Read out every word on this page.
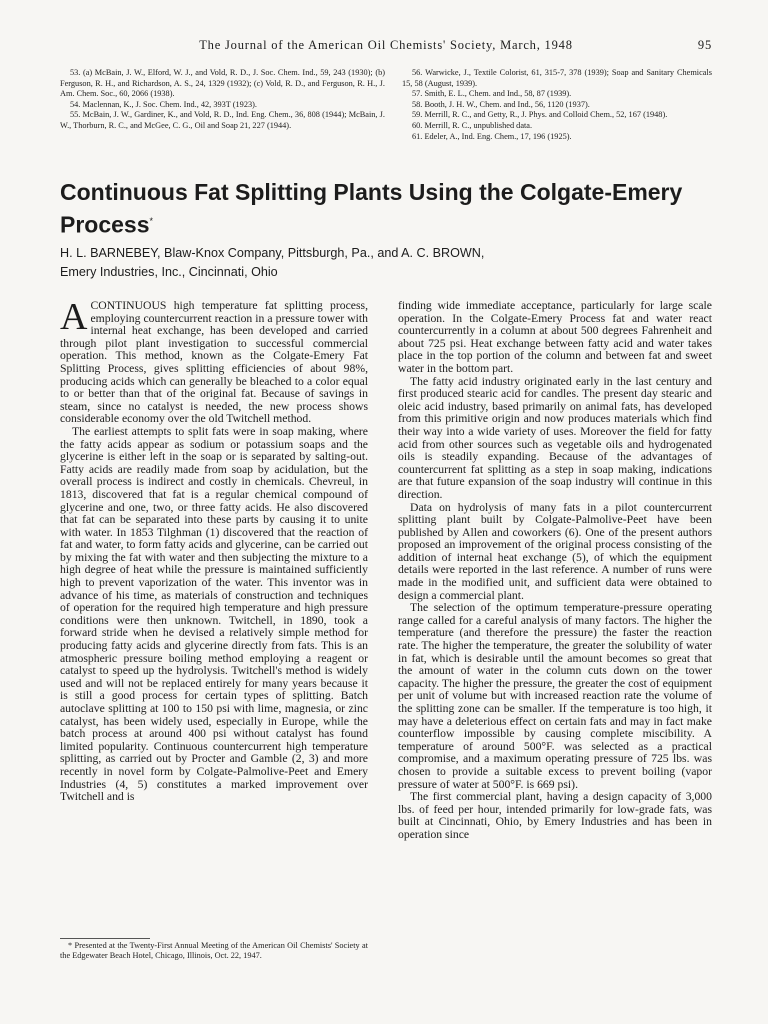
The Journal of the American Oil Chemists' Society, March, 1948	95
53. (a) McBain, J. W., Elford, W. J., and Vold, R. D., J. Soc. Chem. Ind., 59, 243 (1930); (b) Ferguson, R. H., and Richardson, A. S., 24, 1329 (1932); (c) Vold, R. D., and Ferguson, R. H., J. Am. Chem. Soc., 60, 2066 (1938).
54. Maclennan, K., J. Soc. Chem. Ind., 42, 393T (1923).
55. McBain, J. W., Gardiner, K., and Vold, R. D., Ind. Eng. Chem., 36, 808 (1944); McBain, J. W., Thorburn, R. C., and McGee, C. G., Oil and Soap 21, 227 (1944).
56. Warwicke, J., Textile Colorist, 61, 315-7, 378 (1939); Soap and Sanitary Chemicals 15, 58 (August, 1939).
57. Smith, E. L., Chem. and Ind., 58, 87 (1939).
58. Booth, J. H. W., Chem. and Ind., 56, 1120 (1937).
59. Merrill, R. C., and Getty, R., J. Phys. and Colloid Chem., 52, 167 (1948).
60. Merrill, R. C., unpublished data.
61. Edeler, A., Ind. Eng. Chem., 17, 196 (1925).
Continuous Fat Splitting Plants Using the Colgate-Emery Process*
H. L. BARNEBEY, Blaw-Knox Company, Pittsburgh, Pa., and A. C. BROWN,
Emery Industries, Inc., Cincinnati, Ohio

ACONTINUOUS high temperature fat splitting process, employing countercurrent reaction in a pressure tower with internal heat exchange, has been developed and carried through pilot plant investigation to successful commercial operation. This method, known as the Colgate-Emery Fat Splitting Process, gives splitting efficiencies of about 98%, producing acids which can generally be bleached to a color equal to or better than that of the original fat. Because of savings in steam, since no catalyst is needed, the new process shows considerable economy over the old Twitchell method.

The earliest attempts to split fats were in soap making, where the fatty acids appear as sodium or potassium soaps and the glycerine is either left in the soap or is separated by salting-out. Fatty acids are readily made from soap by acidulation, but the overall process is indirect and costly in chemicals. Chevreul, in 1813, discovered that fat is a regular chemical compound of glycerine and one, two, or three fatty acids. He also discovered that fat can be separated into these parts by causing it to unite with water. In 1853 Tilghman (1) discovered that the reaction of fat and water, to form fatty acids and glycerine, can be carried out by mixing the fat with water and then subjecting the mixture to a high degree of heat while the pressure is maintained sufficiently high to prevent vaporization of the water. This inventor was in advance of his time, as materials of construction and techniques of operation for the required high temperature and high pressure conditions were then unknown. Twitchell, in 1890, took a forward stride when he devised a relatively simple method for producing fatty acids and glycerine directly from fats. This is an atmospheric pressure boiling method employing a reagent or catalyst to speed up the hydrolysis. Twitchell's method is widely used and will not be replaced entirely for many years because it is still a good process for certain types of splitting. Batch autoclave splitting at 100 to 150 psi with lime, magnesia, or zinc catalyst, has been widely used, especially in Europe, while the batch process at around 400 psi without catalyst has found limited popularity. Continuous countercurrent high temperature splitting, as carried out by Procter and Gamble (2, 3) and more recently in novel form by Colgate-Palmolive-Peet and Emery Industries (4, 5) constitutes a marked improvement over Twitchell and is

finding wide immediate acceptance, particularly for large scale operation. In the Colgate-Emery Process fat and water react countercurrently in a column at about 500 degrees Fahrenheit and about 725 psi. Heat exchange between fatty acid and water takes place in the top portion of the column and between fat and sweet water in the bottom part.

The fatty acid industry originated early in the last century and first produced stearic acid for candles. The present day stearic and oleic acid industry, based primarily on animal fats, has developed from this primitive origin and now produces materials which find their way into a wide variety of uses. Moreover the field for fatty acid from other sources such as vegetable oils and hydrogenated oils is steadily expanding. Because of the advantages of countercurrent fat splitting as a step in soap making, indications are that future expansion of the soap industry will continue in this direction.

Data on hydrolysis of many fats in a pilot countercurrent splitting plant built by Colgate-Palmolive-Peet have been published by Allen and coworkers (6). One of the present authors proposed an improvement of the original process consisting of the addition of internal heat exchange (5), of which the equipment details were reported in the last reference. A number of runs were made in the modified unit, and sufficient data were obtained to design a commercial plant.

The selection of the optimum temperature-pressure operating range called for a careful analysis of many factors. The higher the temperature (and therefore the pressure) the faster the reaction rate. The higher the temperature, the greater the solubility of water in fat, which is desirable until the amount becomes so great that the amount of water in the column cuts down on the tower capacity. The higher the pressure, the greater the cost of equipment per unit of volume but with increased reaction rate the volume of the splitting zone can be smaller. If the temperature is too high, it may have a deleterious effect on certain fats and may in fact make counterflow impossible by causing complete miscibility. A temperature of around 500°F. was selected as a practical compromise, and a maximum operating pressure of 725 lbs. was chosen to provide a suitable excess to prevent boiling (vapor pressure of water at 500°F. is 669 psi).

The first commercial plant, having a design capacity of 3,000 lbs. of feed per hour, intended primarily for low-grade fats, was built at Cincinnati, Ohio, by Emery Industries and has been in operation since

* Presented at the Twenty-First Annual Meeting of the American Oil Chemists' Society at the Edgewater Beach Hotel, Chicago, Illinois, Oct. 22, 1947.
